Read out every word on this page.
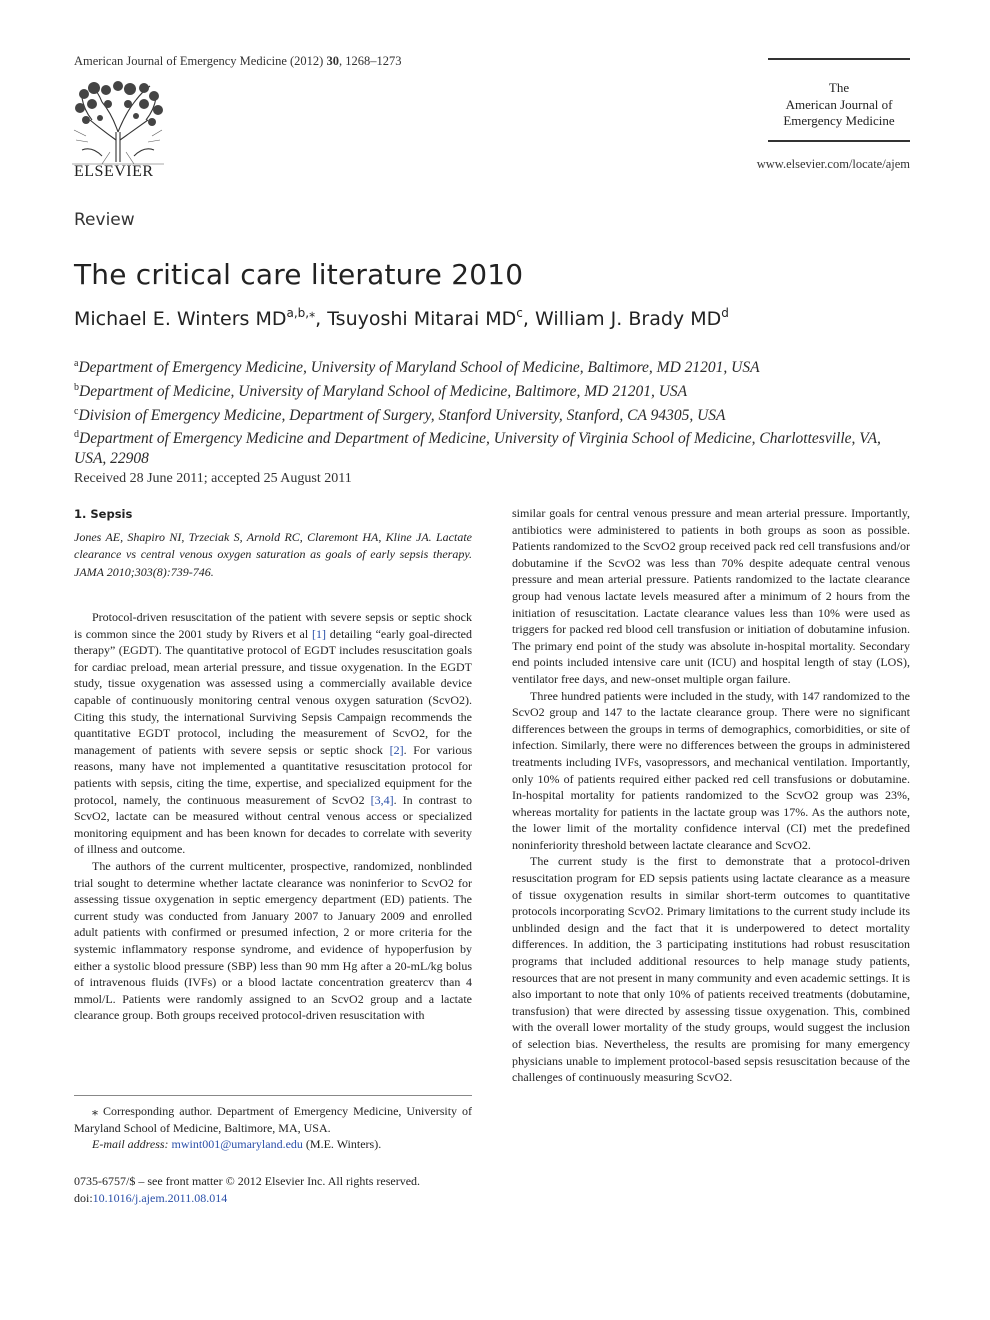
American Journal of Emergency Medicine (2012) 30, 1268–1273
ELSEVIER
The
American Journal of
Emergency Medicine
www.elsevier.com/locate/ajem
Review
The critical care literature 2010
Michael E. Winters $MD^{a,b,⁎}$, Tsuyoshi Mitarai $MD^c$, William J. Brady $MD^d$
$^a$Department of Emergency Medicine, University of Maryland School of Medicine, Baltimore, MD 21201, USA
$^b$Department of Medicine, University of Maryland School of Medicine, Baltimore, MD 21201, USA
$^c$Division of Emergency Medicine, Department of Surgery, Stanford University, Stanford, CA 94305, USA
$^d$Department of Emergency Medicine and Department of Medicine, University of Virginia School of Medicine, Charlottesville, VA, USA, 22908
Received 28 June 2011; accepted 25 August 2011
1. Sepsis

Jones AE, Shapiro NI, Trzeciak S, Arnold RC, Claremont HA, Kline JA. Lactate clearance vs central venous oxygen saturation as goals of early sepsis therapy. JAMA 2010;303(8):739-746.

Protocol-driven resuscitation of the patient with severe sepsis or septic shock is common since the 2001 study by Rivers et al [1] detailing “early goal-directed therapy” (EGDT). The quantitative protocol of EGDT includes resuscitation goals for cardiac preload, mean arterial pressure, and tissue oxygenation. In the EGDT study, tissue oxygenation was assessed using a commercially available device capable of continuously monitoring central venous oxygen saturation (ScvO2). Citing this study, the international Surviving Sepsis Campaign recommends the quantitative EGDT protocol, including the measurement of ScvO2, for the management of patients with severe sepsis or septic shock [2]. For various reasons, many have not implemented a quantitative resuscitation protocol for patients with sepsis, citing the time, expertise, and specialized equipment for the protocol, namely, the continuous measurement of ScvO2 [3,4]. In contrast to ScvO2, lactate can be measured without central venous access or specialized monitoring equipment and has been known for decades to correlate with severity of illness and outcome.

The authors of the current multicenter, prospective, randomized, nonblinded trial sought to determine whether lactate clearance was noninferior to ScvO2 for assessing tissue oxygenation in septic emergency department (ED) patients. The current study was conducted from January 2007 to January 2009 and enrolled adult patients with confirmed or presumed infection, 2 or more criteria for the systemic inflammatory response syndrome, and evidence of hypoperfusion by either a systolic blood pressure (SBP) less than 90 mm Hg after a 20-mL/kg bolus of intravenous fluids (IVFs) or a blood lactate concentration greatercv than 4 mmol/L. Patients were randomly assigned to an ScvO2 group and a lactate clearance group. Both groups received protocol-driven resuscitation with

similar goals for central venous pressure and mean arterial pressure. Importantly, antibiotics were administered to patients in both groups as soon as possible. Patients randomized to the ScvO2 group received pack red cell transfusions and/or dobutamine if the ScvO2 was less than 70% despite adequate central venous pressure and mean arterial pressure. Patients randomized to the lactate clearance group had venous lactate levels measured after a minimum of 2 hours from the initiation of resuscitation. Lactate clearance values less than 10% were used as triggers for packed red blood cell transfusion or initiation of dobutamine infusion. The primary end point of the study was absolute in-hospital mortality. Secondary end points included intensive care unit (ICU) and hospital length of stay (LOS), ventilator free days, and new-onset multiple organ failure.

Three hundred patients were included in the study, with 147 randomized to the ScvO2 group and 147 to the lactate clearance group. There were no significant differences between the groups in terms of demographics, comorbidities, or site of infection. Similarly, there were no differences between the groups in administered treatments including IVFs, vasopressors, and mechanical ventilation. Importantly, only 10% of patients required either packed red cell transfusions or dobutamine. In-hospital mortality for patients randomized to the ScvO2 group was 23%, whereas mortality for patients in the lactate group was 17%. As the authors note, the lower limit of the mortality confidence interval (CI) met the predefined noninferiority threshold between lactate clearance and ScvO2.

The current study is the first to demonstrate that a protocol-driven resuscitation program for ED sepsis patients using lactate clearance as a measure of tissue oxygenation results in similar short-term outcomes to quantitative protocols incorporating ScvO2. Primary limitations to the current study include its unblinded design and the fact that it is underpowered to detect mortality differences. In addition, the 3 participating institutions had robust resuscitation programs that included additional resources to help manage study patients, resources that are not present in many community and even academic settings. It is also important to note that only 10% of patients received treatments (dobutamine, transfusion) that were directed by assessing tissue oxygenation. This, combined with the overall lower mortality of the study groups, would suggest the inclusion of selection bias. Nevertheless, the results are promising for many emergency physicians unable to implement protocol-based sepsis resuscitation because of the challenges of continuously measuring ScvO2.

⁎ Corresponding author. Department of Emergency Medicine, University of Maryland School of Medicine, Baltimore, MA, USA.
E-mail address: mwint001@umaryland.edu (M.E. Winters).
0735-6757/$ – see front matter © 2012 Elsevier Inc. All rights reserved.
doi:10.1016/j.ajem.2011.08.014
